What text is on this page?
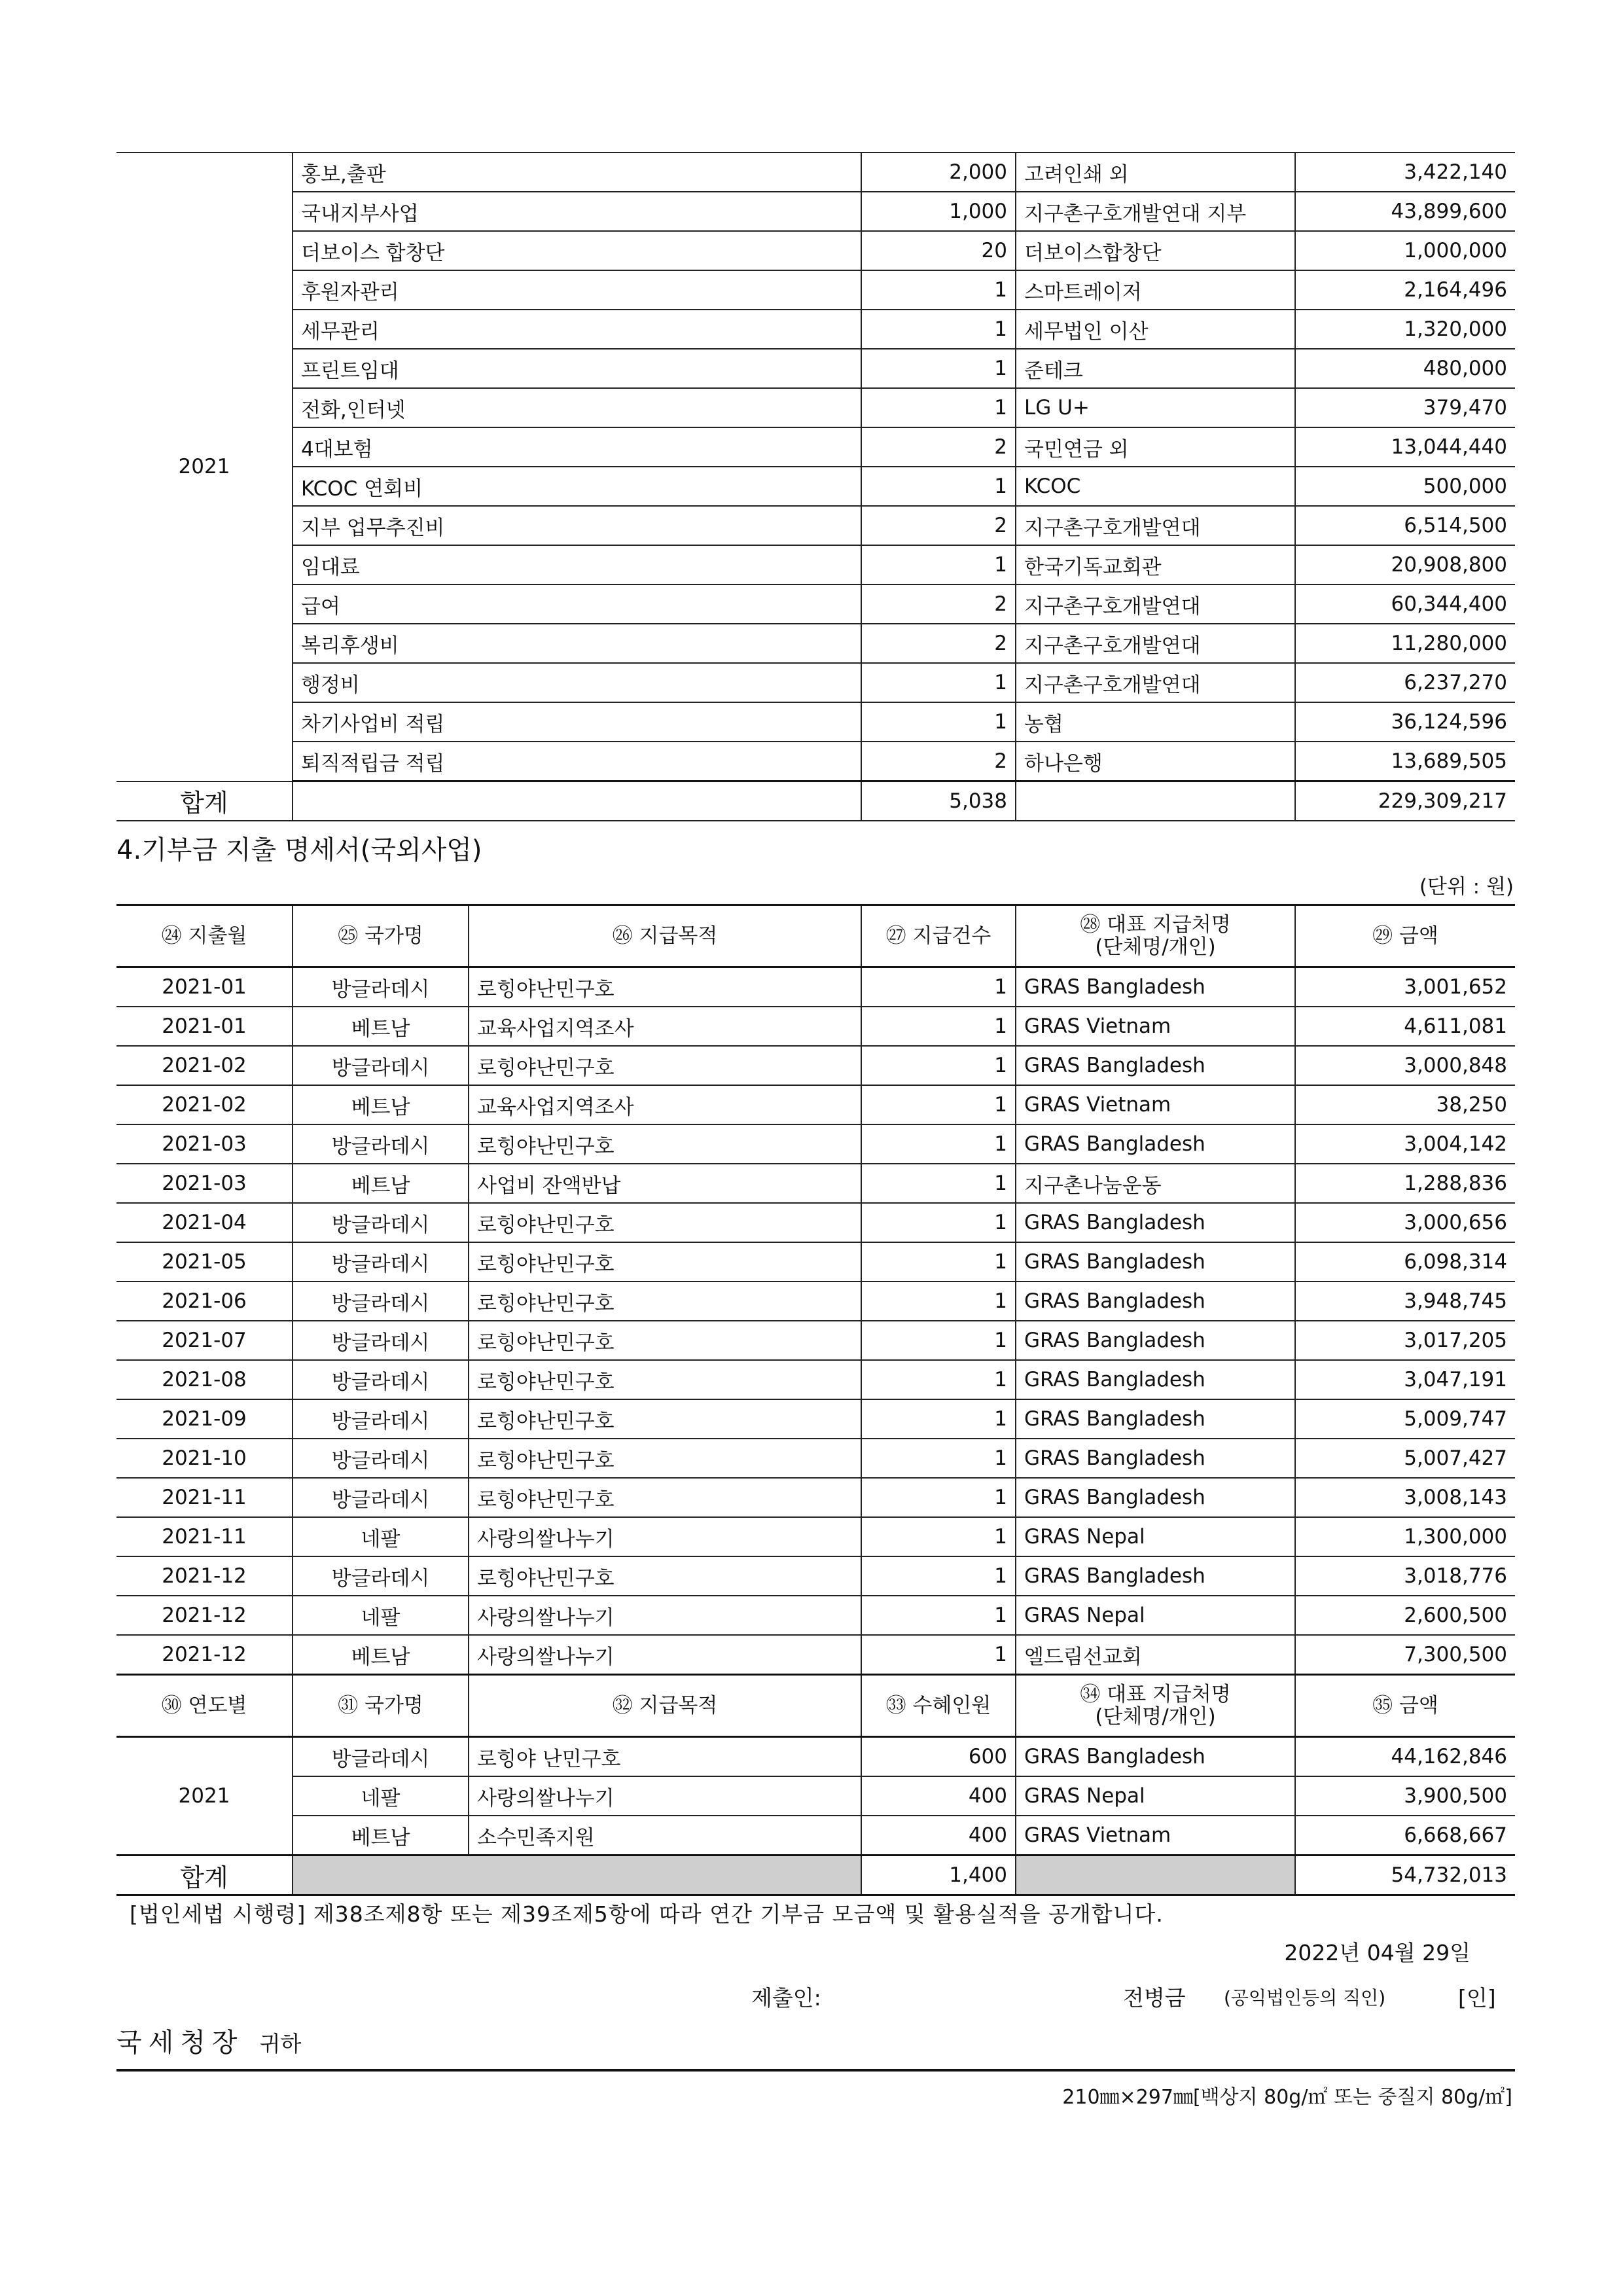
2021	홍보,출판	2,000	고려인쇄 외	3,422,140
	국내지부사업	1,000	지구촌구호개발연대 지부	43,899,600
	더보이스 합창단	20	더보이스합창단	1,000,000
	후원자관리	1	스마트레이저	2,164,496
	세무관리	1	세무법인 이산	1,320,000
	프린트임대	1	준테크	480,000
	전화,인터넷	1	LG U+	379,470
	4대보험	2	국민연금 외	13,044,440
	KCOC 연회비	1	KCOC	500,000
	지부 업무추진비	2	지구촌구호개발연대	6,514,500
	임대료	1	한국기독교회관	20,908,800
	급여	2	지구촌구호개발연대	60,344,400
	복리후생비	2	지구촌구호개발연대	11,280,000
	행정비	1	지구촌구호개발연대	6,237,270
	차기사업비 적립	1	농협	36,124,596
	퇴직적립금 적립	2	하나은행	13,689,505
합계		5,038		229,309,217
4.기부금 지출 명세서(국외사업)
(단위 : 원)
㉔ 지출월	㉕ 국가명	㉖ 지급목적	㉗ 지급건수	㉘ 대표 지급처명
(단체명/개인)	㉙ 금액
2021-01	방글라데시	로힝야난민구호	1	GRAS Bangladesh	3,001,652
2021-01	베트남	교육사업지역조사	1	GRAS Vietnam	4,611,081
2021-02	방글라데시	로힝야난민구호	1	GRAS Bangladesh	3,000,848
2021-02	베트남	교육사업지역조사	1	GRAS Vietnam	38,250
2021-03	방글라데시	로힝야난민구호	1	GRAS Bangladesh	3,004,142
2021-03	베트남	사업비 잔액반납	1	지구촌나눔운동	1,288,836
2021-04	방글라데시	로힝야난민구호	1	GRAS Bangladesh	3,000,656
2021-05	방글라데시	로힝야난민구호	1	GRAS Bangladesh	6,098,314
2021-06	방글라데시	로힝야난민구호	1	GRAS Bangladesh	3,948,745
2021-07	방글라데시	로힝야난민구호	1	GRAS Bangladesh	3,017,205
2021-08	방글라데시	로힝야난민구호	1	GRAS Bangladesh	3,047,191
2021-09	방글라데시	로힝야난민구호	1	GRAS Bangladesh	5,009,747
2021-10	방글라데시	로힝야난민구호	1	GRAS Bangladesh	5,007,427
2021-11	방글라데시	로힝야난민구호	1	GRAS Bangladesh	3,008,143
2021-11	네팔	사랑의쌀나누기	1	GRAS Nepal	1,300,000
2021-12	방글라데시	로힝야난민구호	1	GRAS Bangladesh	3,018,776
2021-12	네팔	사랑의쌀나누기	1	GRAS Nepal	2,600,500
2021-12	베트남	사랑의쌀나누기	1	엘드림선교회	7,300,500
㉚ 연도별	㉛ 국가명	㉜ 지급목적	㉝ 수혜인원	㉞ 대표 지급처명
(단체명/개인)	㉟ 금액
2021	방글라데시	로힝야 난민구호	600	GRAS Bangladesh	44,162,846
	네팔	사랑의쌀나누기	400	GRAS Nepal	3,900,500
	베트남	소수민족지원	400	GRAS Vietnam	6,668,667
합계			1,400		54,732,013
[법인세법 시행령] 제38조제8항 또는 제39조제5항에 따라 연간 기부금 모금액 및 활용실적을 공개합니다.
2022년 04월 29일
제출인:	전병금 (공익법인등의 직인)	[인]
국세청장 귀하
210㎜×297㎜[백상지 80g/㎡ 또는 중질지 80g/㎡]
